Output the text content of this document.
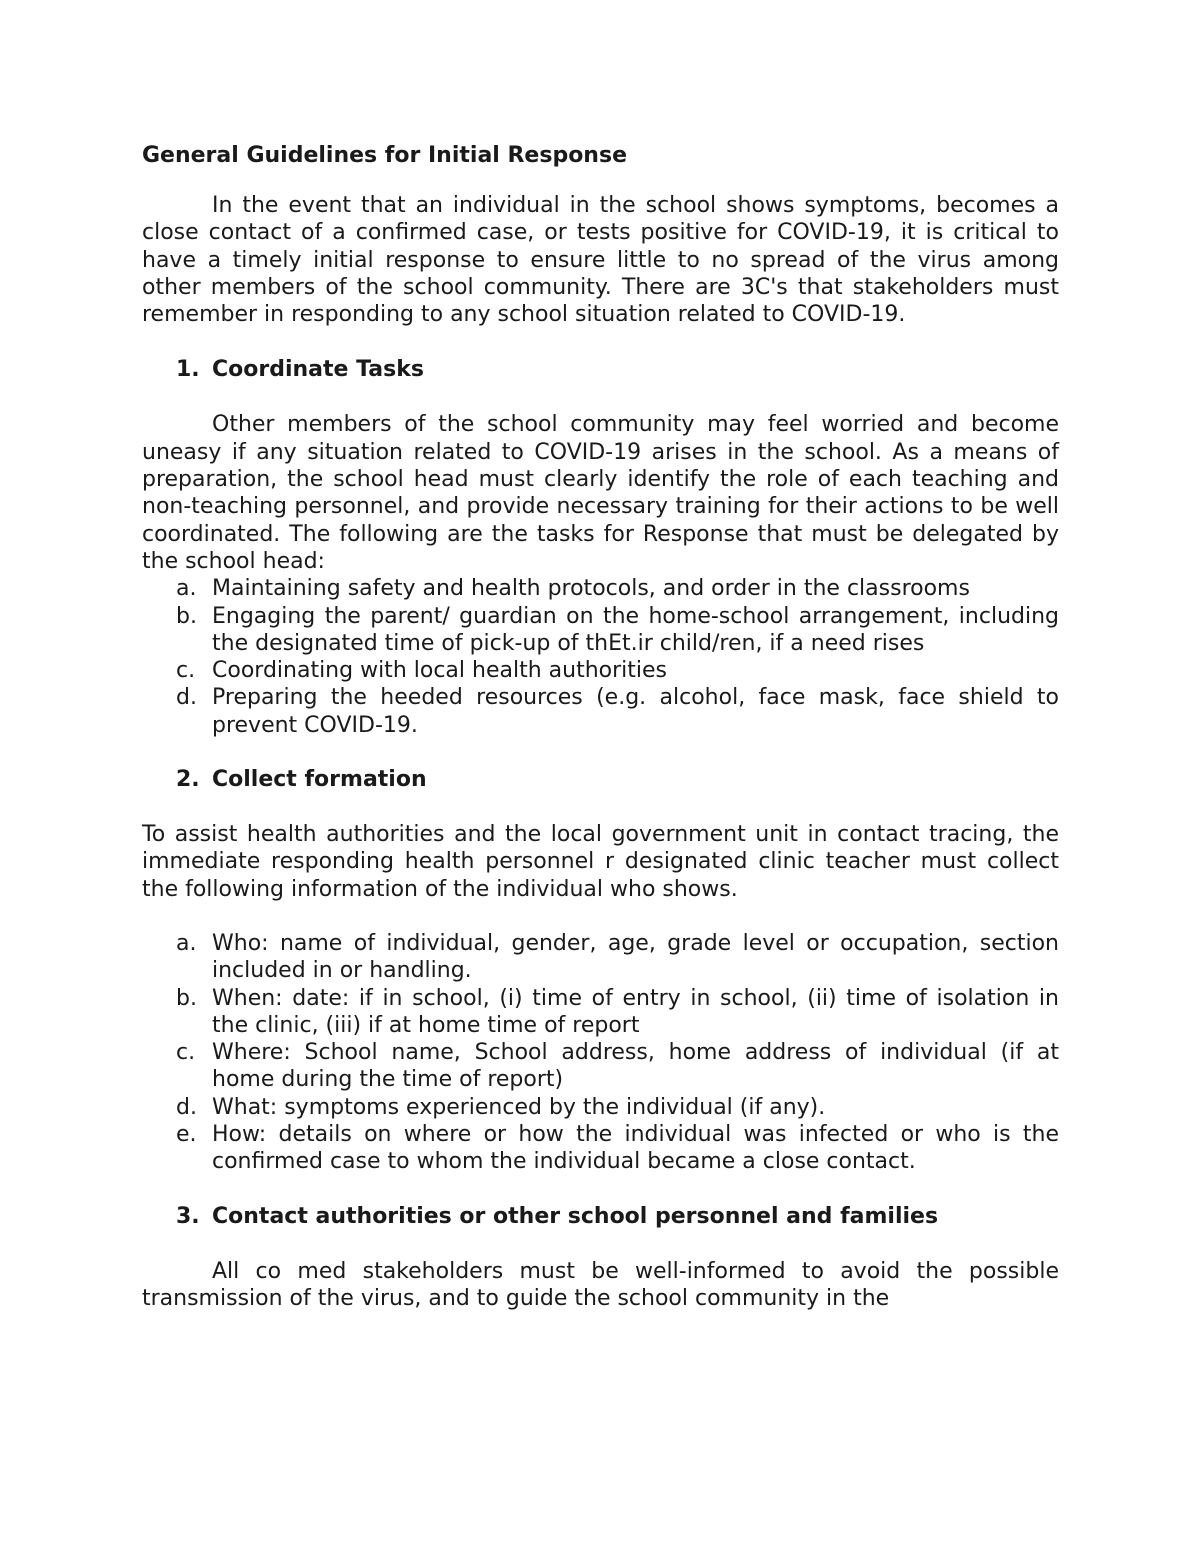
General Guidelines for Initial Response

In the event that an individual in the school shows symptoms, becomes a close contact of a confirmed case, or tests positive for COVID-19, it is critical to have a timely initial response to ensure little to no spread of the virus among other members of the school community. There are 3C's that stakeholders must remember in responding to any school situation related to COVID-19.

1. Coordinate Tasks

Other members of the school community may feel worried and become uneasy if any situation related to COVID-19 arises in the school. As a means of preparation, the school head must clearly identify the role of each teaching and non-teaching personnel, and provide necessary training for their actions to be well coordinated. The following are the tasks for Response that must be delegated by the school head:

a. Maintaining safety and health protocols, and order in the classrooms
b. Engaging the parent/ guardian on the home-school arrangement, including the designated time of pick-up of thEt.ir child/ren, if a need rises
c. Coordinating with local health authorities
d. Preparing the heeded resources (e.g. alcohol, face mask, face shield to prevent COVID-19.
2. Collect formation

To assist health authorities and the local government unit in contact tracing, the immediate responding health personnel r designated clinic teacher must collect the following information of the individual who shows.

a. Who: name of individual, gender, age, grade level or occupation, section included in or handling.
b. When: date: if in school, (i) time of entry in school, (ii) time of isolation in the clinic, (iii) if at home time of report
c. Where: School name, School address, home address of individual (if at home during the time of report)
d. What: symptoms experienced by the individual (if any).
e. How: details on where or how the individual was infected or who is the confirmed case to whom the individual became a close contact.
3. Contact authorities or other school personnel and families

All co med stakeholders must be well-informed to avoid the possible transmission of the virus, and to guide the school community in the
